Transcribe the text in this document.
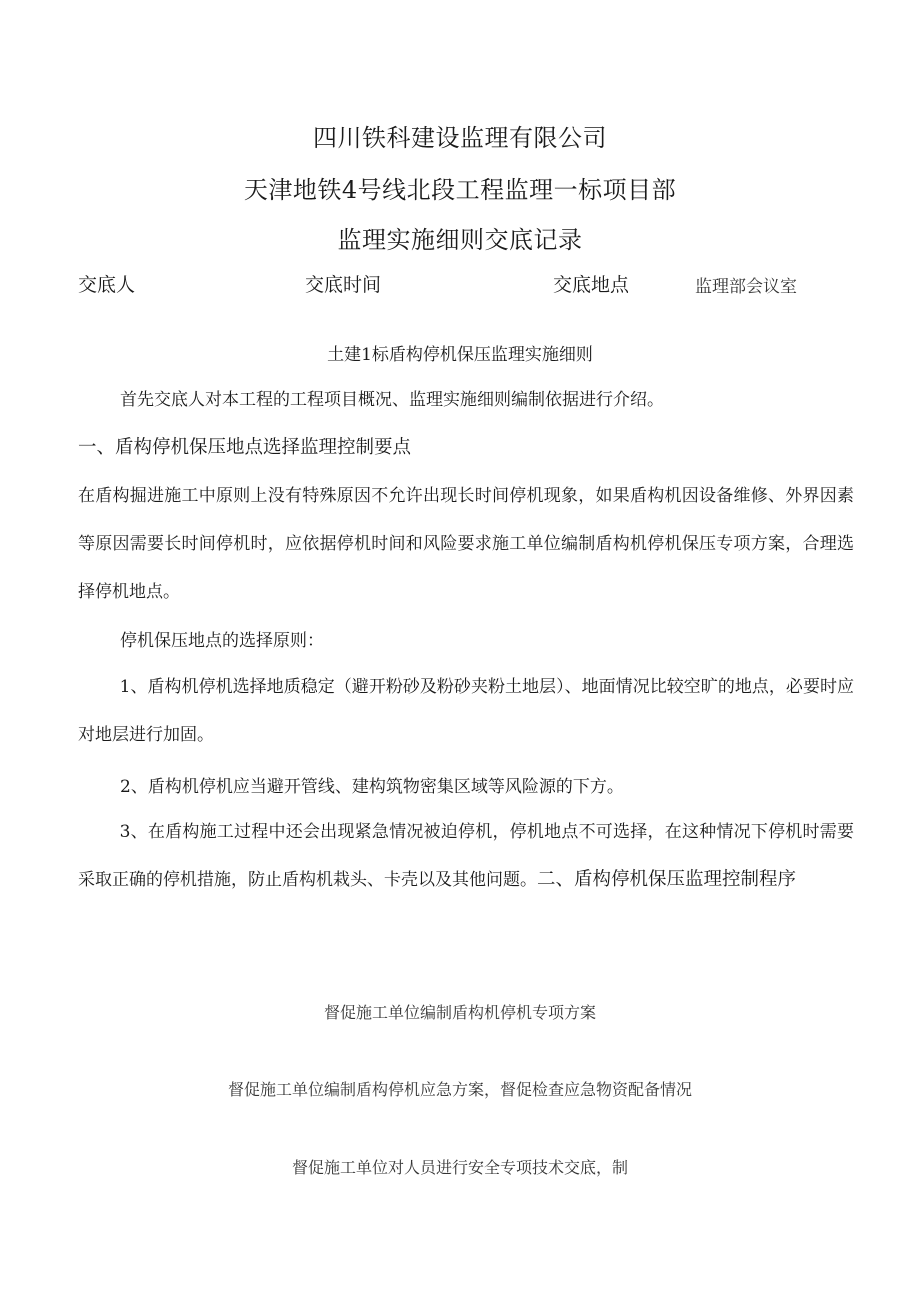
四川铁科建设监理有限公司
天津地铁4号线北段工程监理一标项目部
监理实施细则交底记录
交底人	交底时间	交底地点	监理部会议室
土建1标盾构停机保压监理实施细则
首先交底人对本工程的工程项目概况、监理实施细则编制依据进行介绍。
一、盾构停机保压地点选择监理控制要点

在盾构掘进施工中原则上没有特殊原因不允许出现长时间停机现象，如果盾构机因设备维修、外界因素等原因需要长时间停机时，应依据停机时间和风险要求施工单位编制盾构机停机保压专项方案，合理选择停机地点。

停机保压地点的选择原则：

1、盾构机停机选择地质稳定（避开粉砂及粉砂夹粉土地层）、地面情况比较空旷的地点，必要时应对地层进行加固。

2、盾构机停机应当避开管线、建构筑物密集区域等风险源的下方。

3、在盾构施工过程中还会出现紧急情况被迫停机，停机地点不可选择，在这种情况下停机时需要采取正确的停机措施，防止盾构机栽头、卡壳以及其他问题。二、盾构停机保压监理控制程序

督促施工单位编制盾构机停机专项方案
督促施工单位编制盾构停机应急方案，督促检查应急物资配备情况
督促施工单位对人员进行安全专项技术交底，制
